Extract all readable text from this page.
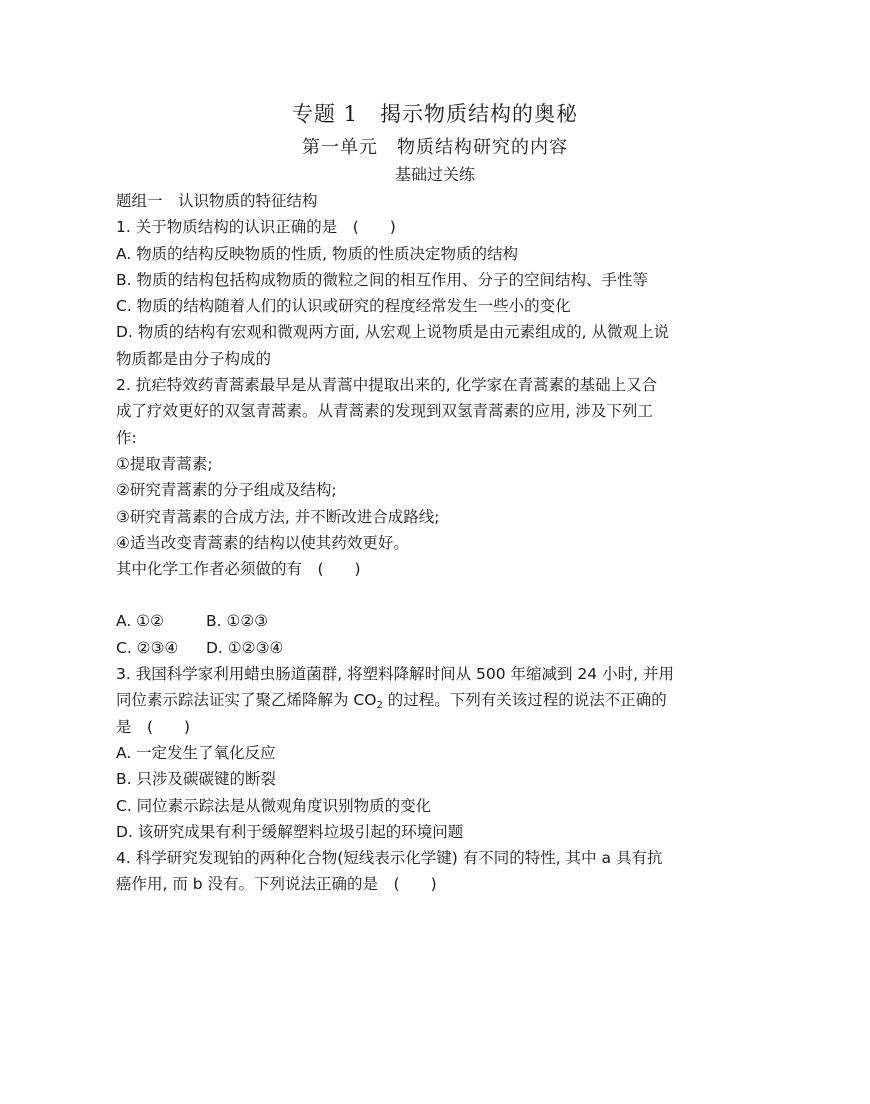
专题 1　揭示物质结构的奥秘
第一单元　物质结构研究的内容
基础过关练
题组一　认识物质的特征结构
1. 关于物质结构的认识正确的是　(　　)
A. 物质的结构反映物质的性质, 物质的性质决定物质的结构
B. 物质的结构包括构成物质的微粒之间的相互作用、分子的空间结构、手性等
C. 物质的结构随着人们的认识或研究的程度经常发生一些小的变化
D. 物质的结构有宏观和微观两方面, 从宏观上说物质是由元素组成的, 从微观上说
物质都是由分子构成的
2. 抗疟特效药青蒿素最早是从青蒿中提取出来的, 化学家在青蒿素的基础上又合
成了疗效更好的双氢青蒿素。从青蒿素的发现到双氢青蒿素的应用, 涉及下列工
作:
①提取青蒿素;
②研究青蒿素的分子组成及结构;
③研究青蒿素的合成方法, 并不断改进合成路线;
④适当改变青蒿素的结构以使其药效更好。
其中化学工作者必须做的有　(　　)
A. ①②	B. ①②③
C. ②③④ D. ①②③④
3. 我国科学家利用蜡虫肠道菌群, 将塑料降解时间从 500 年缩减到 24 小时, 并用
同位素示踪法证实了聚乙烯降解为 $CO_2$ 的过程。下列有关该过程的说法不正确的
是　(　　)
A. 一定发生了氧化反应
B. 只涉及碳碳键的断裂
C. 同位素示踪法是从微观角度识别物质的变化
D. 该研究成果有利于缓解塑料垃圾引起的环境问题
4. 科学研究发现铂的两种化合物(短线表示化学键) 有不同的特性, 其中 a 具有抗
癌作用, 而 b 没有。下列说法正确的是　(　　)
